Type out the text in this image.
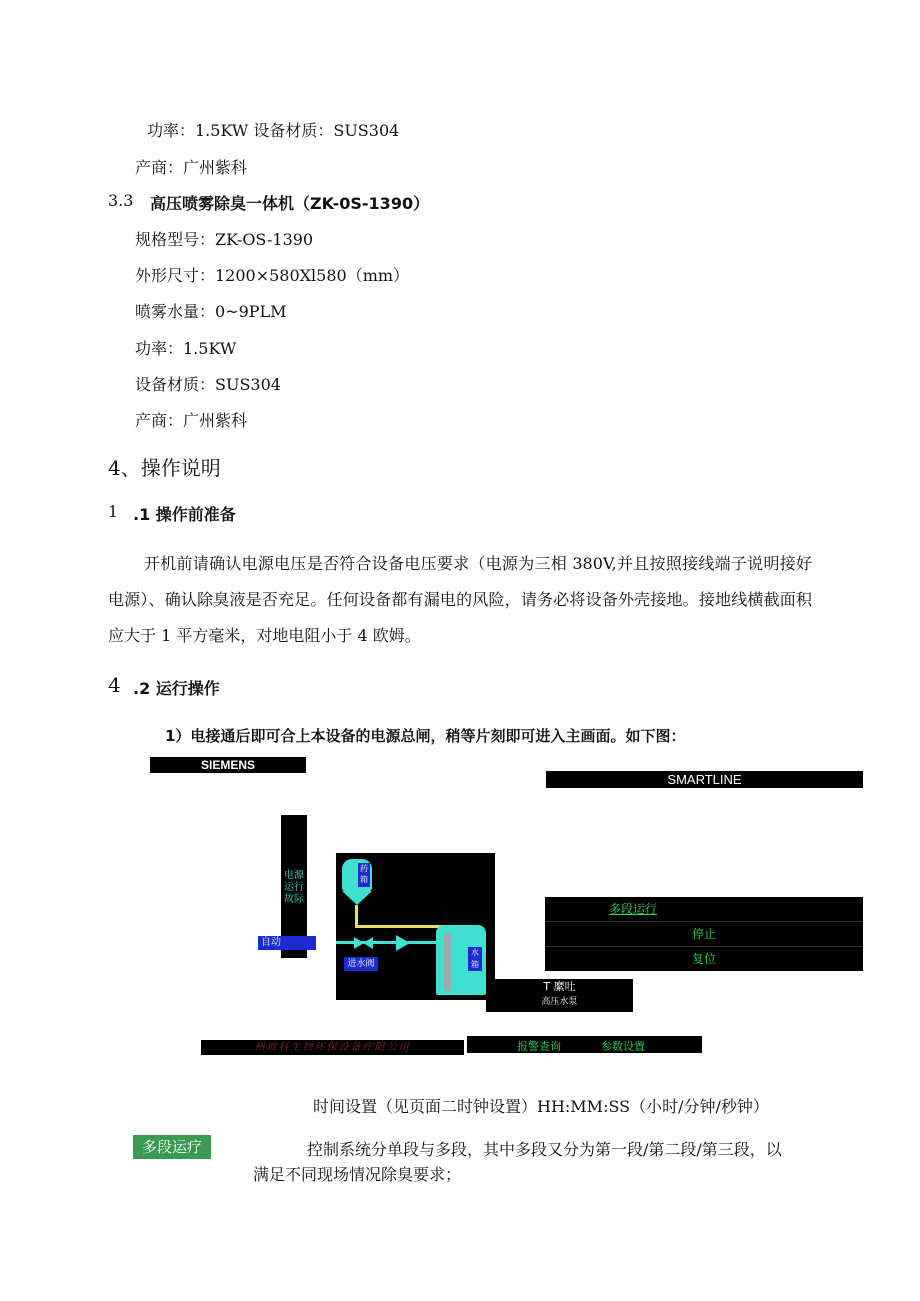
功率：1.5KW 设备材质：SUS304
产商：广州紫科
3.3 高压喷雾除臭一体机（ZK-0S-1390）
规格型号：ZK-OS-1390
外形尺寸：1200×580Xl580（mm）
喷雾水量：0~9PLM
功率：1.5KW
设备材质：SUS304
产商：广州紫科
4、操作说明
1 .1 操作前准备
开机前请确认电源电压是否符合设备电压要求（电源为三相 380V,并且按照接线端子说明接好电源）、确认除臭液是否充足。任何设备都有漏电的风险，请务必将设备外壳接地。接地线横截面积应大于 1 平方毫米，对地电阻小于 4 欧姆。
4 .2 运行操作
1）电接通后即可合上本设备的电源总闸，稍等片刻即可进入主画面。如下图：
SIEMENS
SMARTLINE
电源运行故际
自动
药箱
进水阀
水箱
T 縻吐
高压水泵
多段运行
停止
复位
州坡科生物环保设备疔限公司	报警查询	参数设置
时间设置（见页面二时钟设置）HH:MM:SS（小时/分钟/秒钟）
多段运疗	控制系统分单段与多段，其中多段又分为第一段/第二段/第三段，以
满足不同现场情况除臭要求；
